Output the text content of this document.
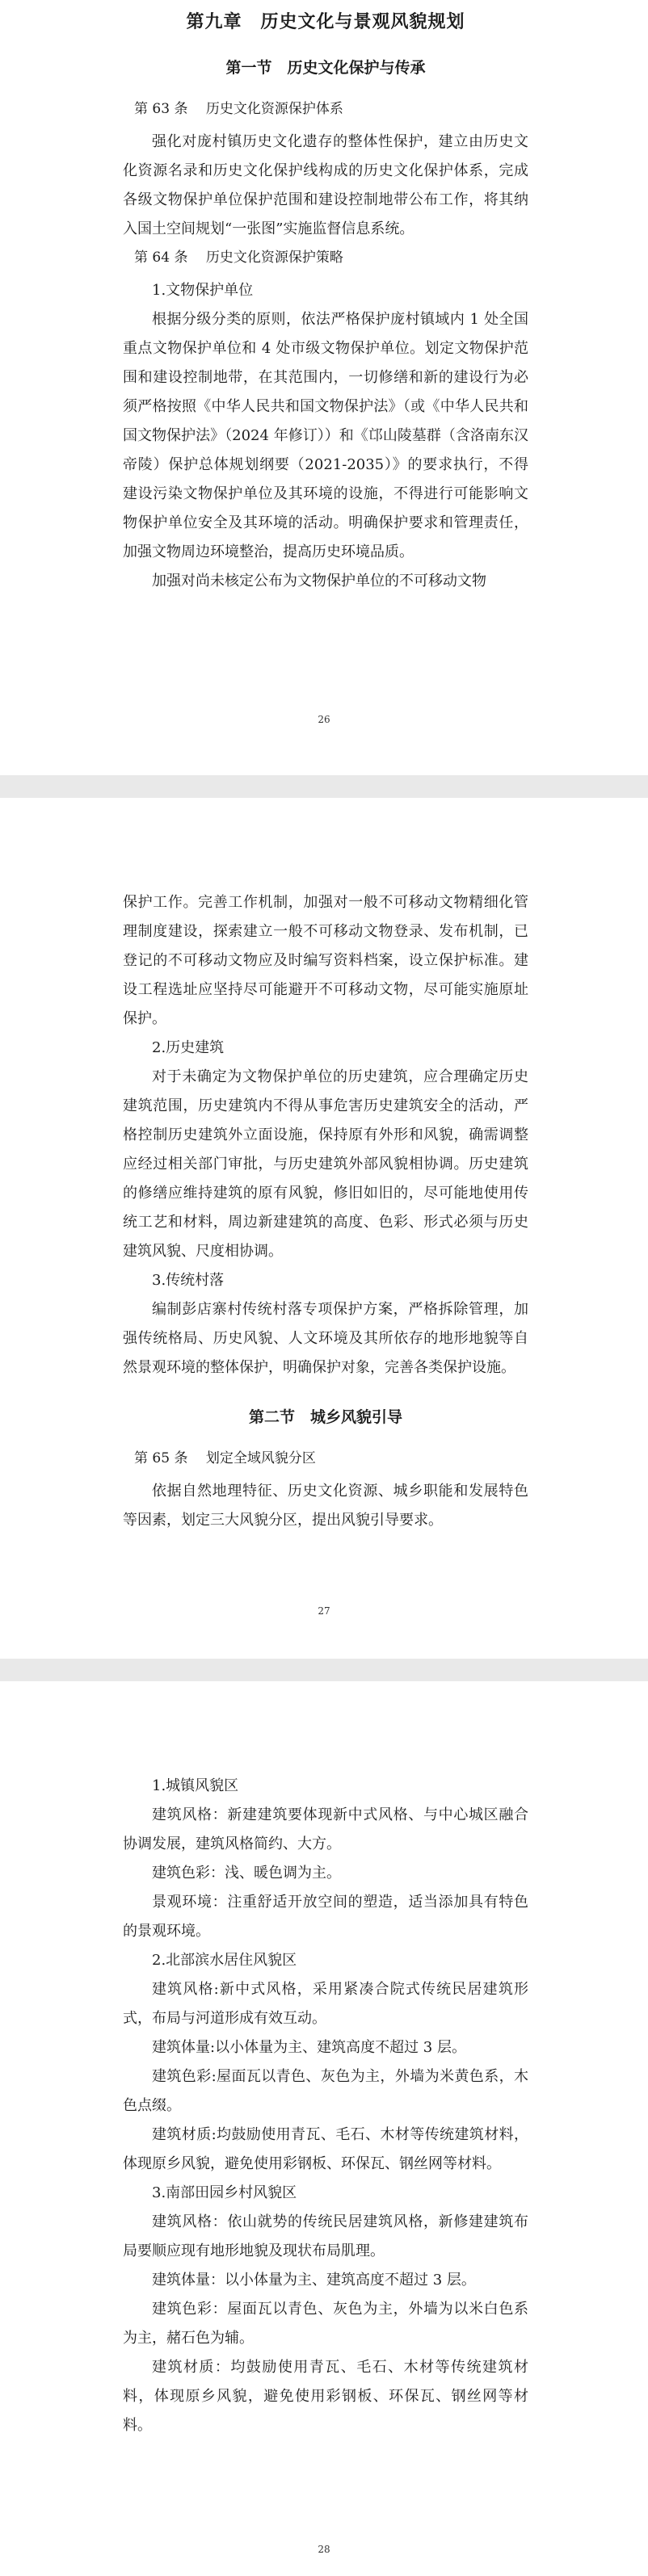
第九章　历史文化与景观风貌规划
第一节　历史文化保护与传承

第 63 条　 历史文化资源保护体系

强化对庞村镇历史文化遗存的整体性保护，建立由历史文化资源名录和历史文化保护线构成的历史文化保护体系，完成各级文物保护单位保护范围和建设控制地带公布工作，将其纳入国土空间规划“一张图”实施监督信息系统。

第 64 条　 历史文化资源保护策略

1.文物保护单位

根据分级分类的原则，依法严格保护庞村镇域内 1 处全国重点文物保护单位和 4 处市级文物保护单位。划定文物保护范围和建设控制地带，在其范围内，一切修缮和新的建设行为必须严格按照《中华人民共和国文物保护法》（或《中华人民共和国文物保护法》（2024 年修订））和《邙山陵墓群（含洛南东汉帝陵）保护总体规划纲要（2021-2035）》的要求执行，不得建设污染文物保护单位及其环境的设施，不得进行可能影响文物保护单位安全及其环境的活动。明确保护要求和管理责任，加强文物周边环境整治，提高历史环境品质。

加强对尚未核定公布为文物保护单位的不可移动文物

26

保护工作。完善工作机制，加强对一般不可移动文物精细化管理制度建设，探索建立一般不可移动文物登录、发布机制，已登记的不可移动文物应及时编写资料档案，设立保护标准。建设工程选址应坚持尽可能避开不可移动文物，尽可能实施原址保护。

2.历史建筑

对于未确定为文物保护单位的历史建筑，应合理确定历史建筑范围，历史建筑内不得从事危害历史建筑安全的活动，严格控制历史建筑外立面设施，保持原有外形和风貌，确需调整应经过相关部门审批，与历史建筑外部风貌相协调。历史建筑的修缮应维持建筑的原有风貌，修旧如旧的，尽可能地使用传统工艺和材料，周边新建建筑的高度、色彩、形式必须与历史建筑风貌、尺度相协调。

3.传统村落

编制彭店寨村传统村落专项保护方案，严格拆除管理，加强传统格局、历史风貌、人文环境及其所依存的地形地貌等自然景观环境的整体保护，明确保护对象，完善各类保护设施。

第二节　城乡风貌引导

第 65 条　 划定全域风貌分区

依据自然地理特征、历史文化资源、城乡职能和发展特色等因素，划定三大风貌分区，提出风貌引导要求。

27

1.城镇风貌区

建筑风格：新建建筑要体现新中式风格、与中心城区融合协调发展，建筑风格简约、大方。

建筑色彩：浅、暖色调为主。

景观环境：注重舒适开放空间的塑造，适当添加具有特色的景观环境。

2.北部滨水居住风貌区

建筑风格:新中式风格，采用紧凑合院式传统民居建筑形式，布局与河道形成有效互动。

建筑体量:以小体量为主、建筑高度不超过 3 层。

建筑色彩:屋面瓦以青色、灰色为主，外墙为米黄色系，木色点缀。

建筑材质:均鼓励使用青瓦、毛石、木材等传统建筑材料，体现原乡风貌，避免使用彩钢板、环保瓦、钢丝网等材料。

3.南部田园乡村风貌区

建筑风格：依山就势的传统民居建筑风格，新修建建筑布局要顺应现有地形地貌及现状布局肌理。

建筑体量：以小体量为主、建筑高度不超过 3 层。

建筑色彩：屋面瓦以青色、灰色为主，外墙为以米白色系为主，赭石色为辅。

建筑材质：均鼓励使用青瓦、毛石、木材等传统建筑材料，体现原乡风貌，避免使用彩钢板、环保瓦、钢丝网等材料。

28
